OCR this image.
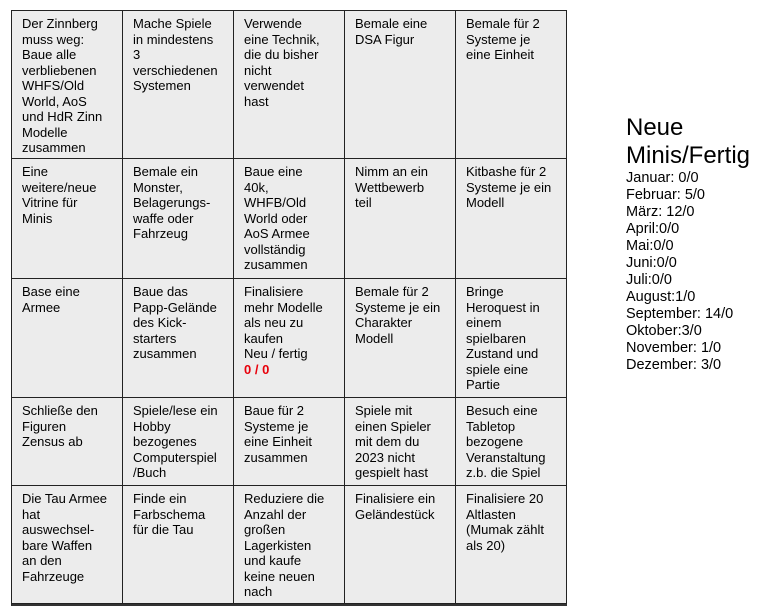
Der Zinnberg
muss weg:
Baue alle
verbliebenen
WHFS/Old
World, AoS
und HdR Zinn
Modelle
zusammen
Mache Spiele
in mindestens
3
verschiedenen
Systemen
Verwende
eine Technik,
die du bisher
nicht
verwendet
hast
Bemale eine
DSA Figur
Bemale für 2
Systeme je
eine Einheit
Eine
weitere/neue
Vitrine für
Minis
Bemale ein
Monster,
Belagerungs-
waffe oder
Fahrzeug
Baue eine
40k,
WHFB/Old
World oder
AoS Armee
vollständig
zusammen
Nimm an ein
Wettbewerb
teil
Kitbashe für 2
Systeme je ein
Modell
Base eine
Armee
Baue das
Papp-Gelände
des Kick-
starters
zusammen
Finalisiere
mehr Modelle
als neu zu
kaufen
Neu / fertig
0 / 0
Bemale für 2
Systeme je ein
Charakter
Modell
Bringe
Heroquest in
einem
spielbaren
Zustand und
spiele eine
Partie
Schließe den
Figuren
Zensus ab
Spiele/lese ein
Hobby
bezogenes
Computerspiel
/Buch
Baue für 2
Systeme je
eine Einheit
zusammen
Spiele mit
einen Spieler
mit dem du
2023 nicht
gespielt hast
Besuch eine
Tabletop
bezogene
Veranstaltung
z.b. die Spiel
Die Tau Armee
hat
auswechsel-
bare Waffen
an den
Fahrzeuge
Finde ein
Farbschema
für die Tau
Reduziere die
Anzahl der
großen
Lagerkisten
und kaufe
keine neuen
nach
Finalisiere ein
Geländestück
Finalisiere 20
Altlasten
(Mumak zählt
als 20)
Neue
Minis/Fertig
Januar: 0/0
Februar: 5/0
März: 12/0
April:0/0
Mai:0/0
Juni:0/0
Juli:0/0
August:1/0
September: 14/0
Oktober:3/0
November: 1/0
Dezember: 3/0
